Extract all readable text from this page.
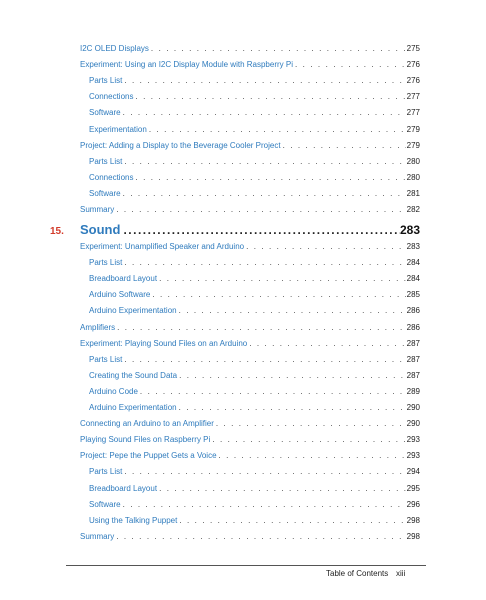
I2C OLED Displays . . .	275
Experiment: Using an I2C Display Module with Raspberry Pi . . .	276
Parts List . . .	276
Connections . . .	277
Software . . .	277
Experimentation . . .	279
Project: Adding a Display to the Beverage Cooler Project . . .	279
Parts List . . .	280
Connections . . .	280
Software . . .	281
Summary . . .	282
15.	Sound .....	283
Experiment: Unamplified Speaker and Arduino . . .	283
Parts List . . .	284
Breadboard Layout . . .	284
Arduino Software . . .	285
Arduino Experimentation . . .	286
Amplifiers . . .	286
Experiment: Playing Sound Files on an Arduino . . .	287
Parts List . . .	287
Creating the Sound Data . . .	287
Arduino Code . . .	289
Arduino Experimentation . . .	290
Connecting an Arduino to an Amplifier . . .	290
Playing Sound Files on Raspberry Pi . . .	293
Project: Pepe the Puppet Gets a Voice . . .	293
Parts List . . .	294
Breadboard Layout . . .	295
Software . . .	296
Using the Talking Puppet . . .	298
Summary . . .	298
Table of Contents xiii
